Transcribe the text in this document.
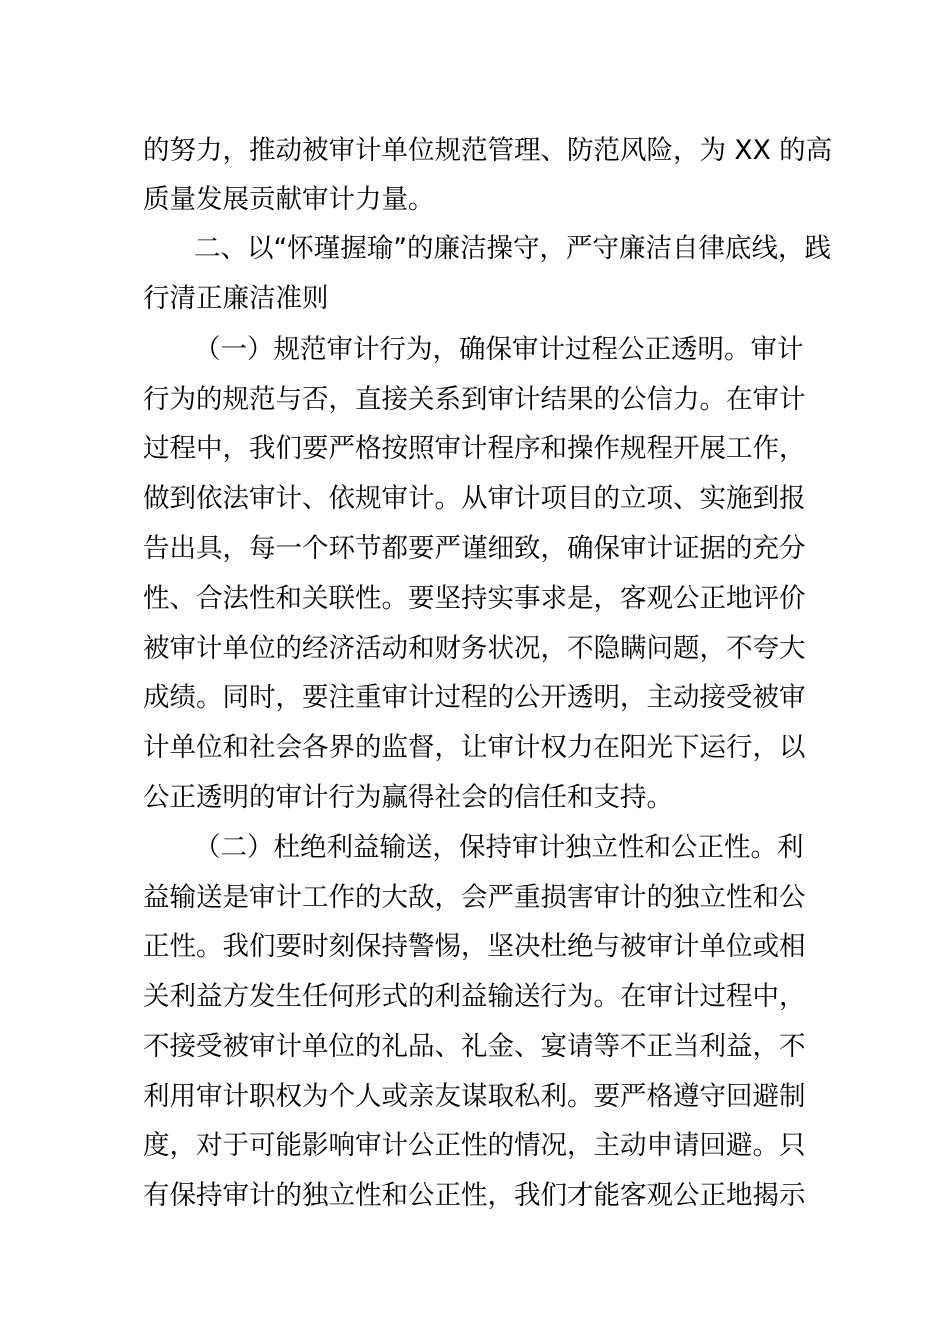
的努力，推动被审计单位规范管理、防范风险，为 XX 的高
质量发展贡献审计力量。
二、以“怀瑾握瑜”的廉洁操守，严守廉洁自律底线，践
行清正廉洁准则
（一）规范审计行为，确保审计过程公正透明。审计
行为的规范与否，直接关系到审计结果的公信力。在审计
过程中，我们要严格按照审计程序和操作规程开展工作，
做到依法审计、依规审计。从审计项目的立项、实施到报
告出具，每一个环节都要严谨细致，确保审计证据的充分
性、合法性和关联性。要坚持实事求是，客观公正地评价
被审计单位的经济活动和财务状况，不隐瞒问题，不夸大
成绩。同时，要注重审计过程的公开透明，主动接受被审
计单位和社会各界的监督，让审计权力在阳光下运行，以
公正透明的审计行为赢得社会的信任和支持。
（二）杜绝利益输送，保持审计独立性和公正性。利
益输送是审计工作的大敌，会严重损害审计的独立性和公
正性。我们要时刻保持警惕，坚决杜绝与被审计单位或相
关利益方发生任何形式的利益输送行为。在审计过程中，
不接受被审计单位的礼品、礼金、宴请等不正当利益，不
利用审计职权为个人或亲友谋取私利。要严格遵守回避制
度，对于可能影响审计公正性的情况，主动申请回避。只
有保持审计的独立性和公正性，我们才能客观公正地揭示
